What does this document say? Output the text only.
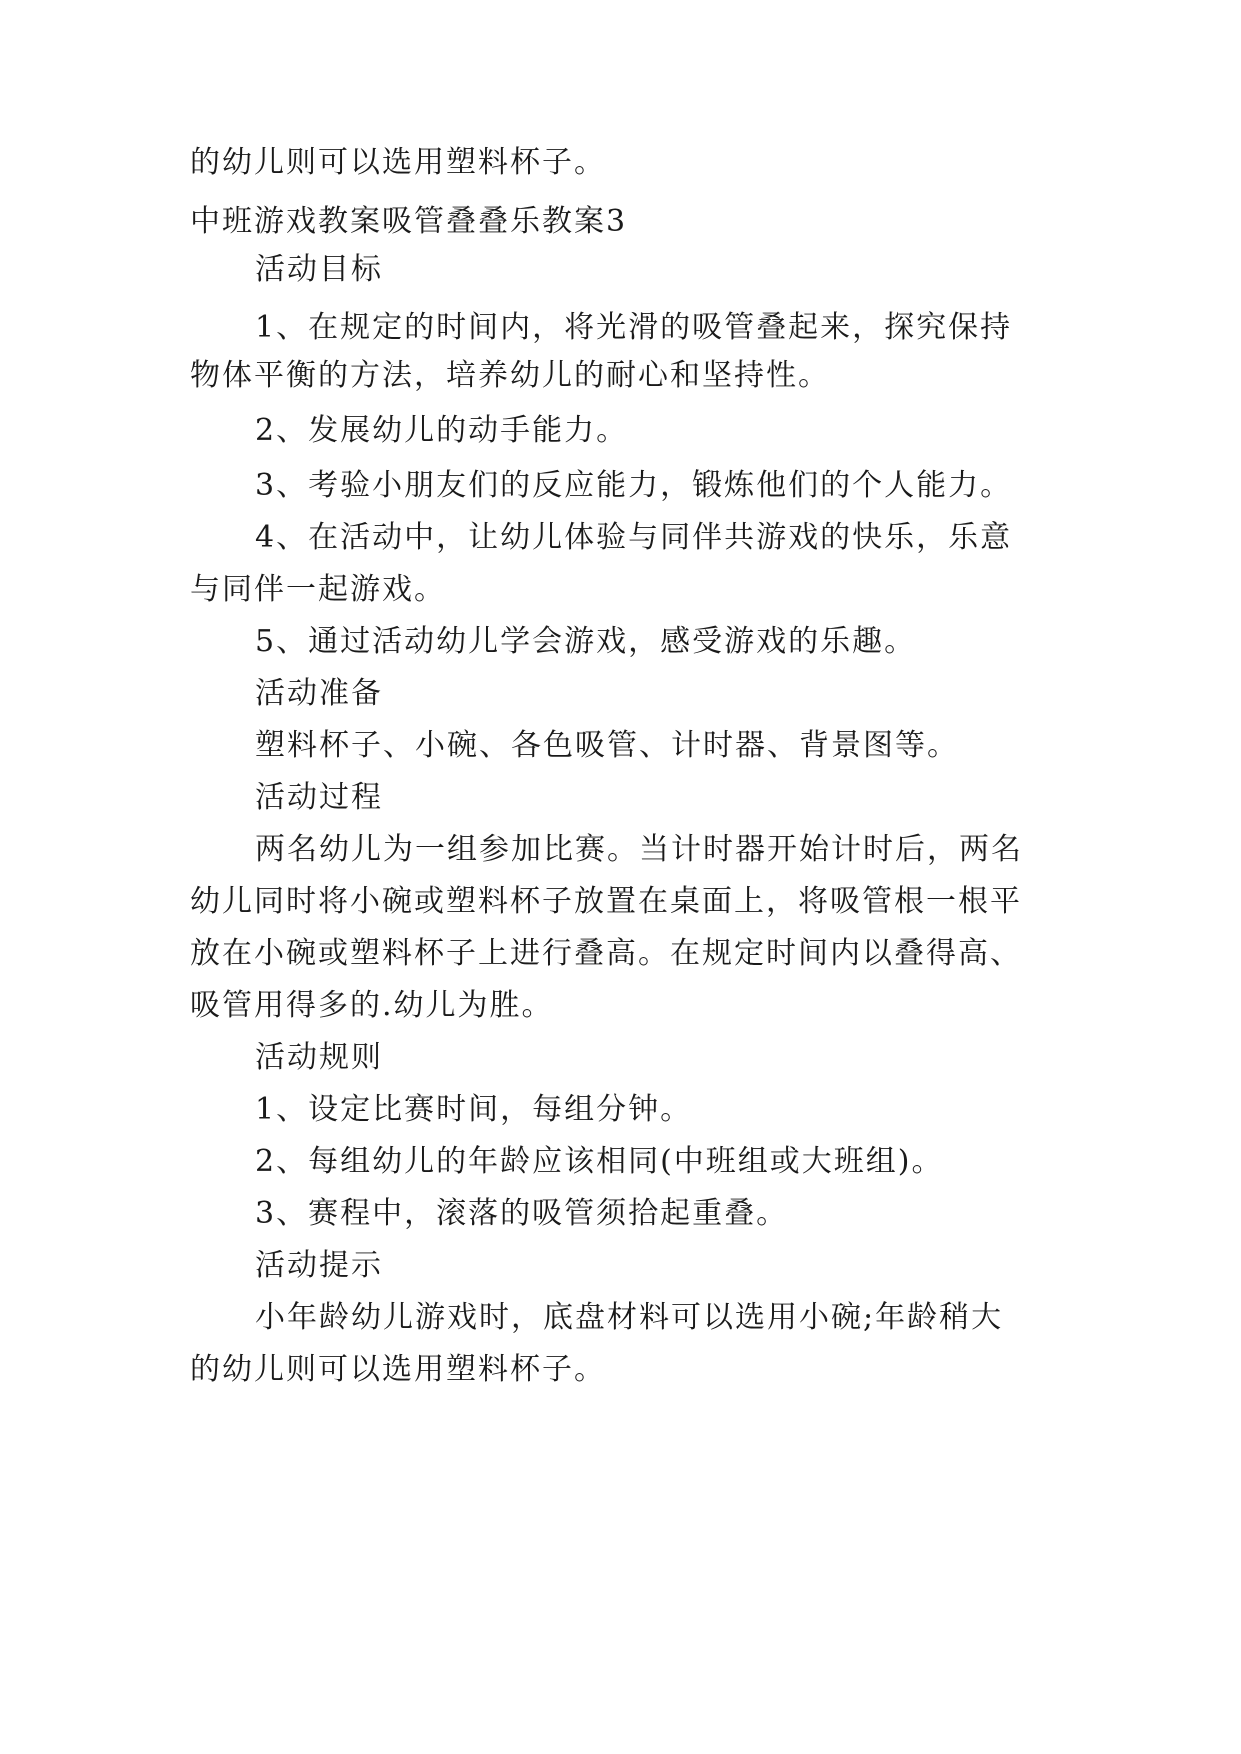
的幼儿则可以选用塑料杯子。
中班游戏教案吸管叠叠乐教案3
活动目标
1、在规定的时间内，将光滑的吸管叠起来，探究保持
物体平衡的方法，培养幼儿的耐心和坚持性。
2、发展幼儿的动手能力。
3、考验小朋友们的反应能力，锻炼他们的个人能力。
4、在活动中，让幼儿体验与同伴共游戏的快乐，乐意
与同伴一起游戏。
5、通过活动幼儿学会游戏，感受游戏的乐趣。
活动准备
塑料杯子、小碗、各色吸管、计时器、背景图等。
活动过程
两名幼儿为一组参加比赛。当计时器开始计时后，两名
幼儿同时将小碗或塑料杯子放置在桌面上，将吸管根一根平
放在小碗或塑料杯子上进行叠高。在规定时间内以叠得高、
吸管用得多的.幼儿为胜。
活动规则
1、设定比赛时间，每组分钟。
2、每组幼儿的年龄应该相同(中班组或大班组)。
3、赛程中，滚落的吸管须拾起重叠。
活动提示
小年龄幼儿游戏时，底盘材料可以选用小碗;年龄稍大
的幼儿则可以选用塑料杯子。
